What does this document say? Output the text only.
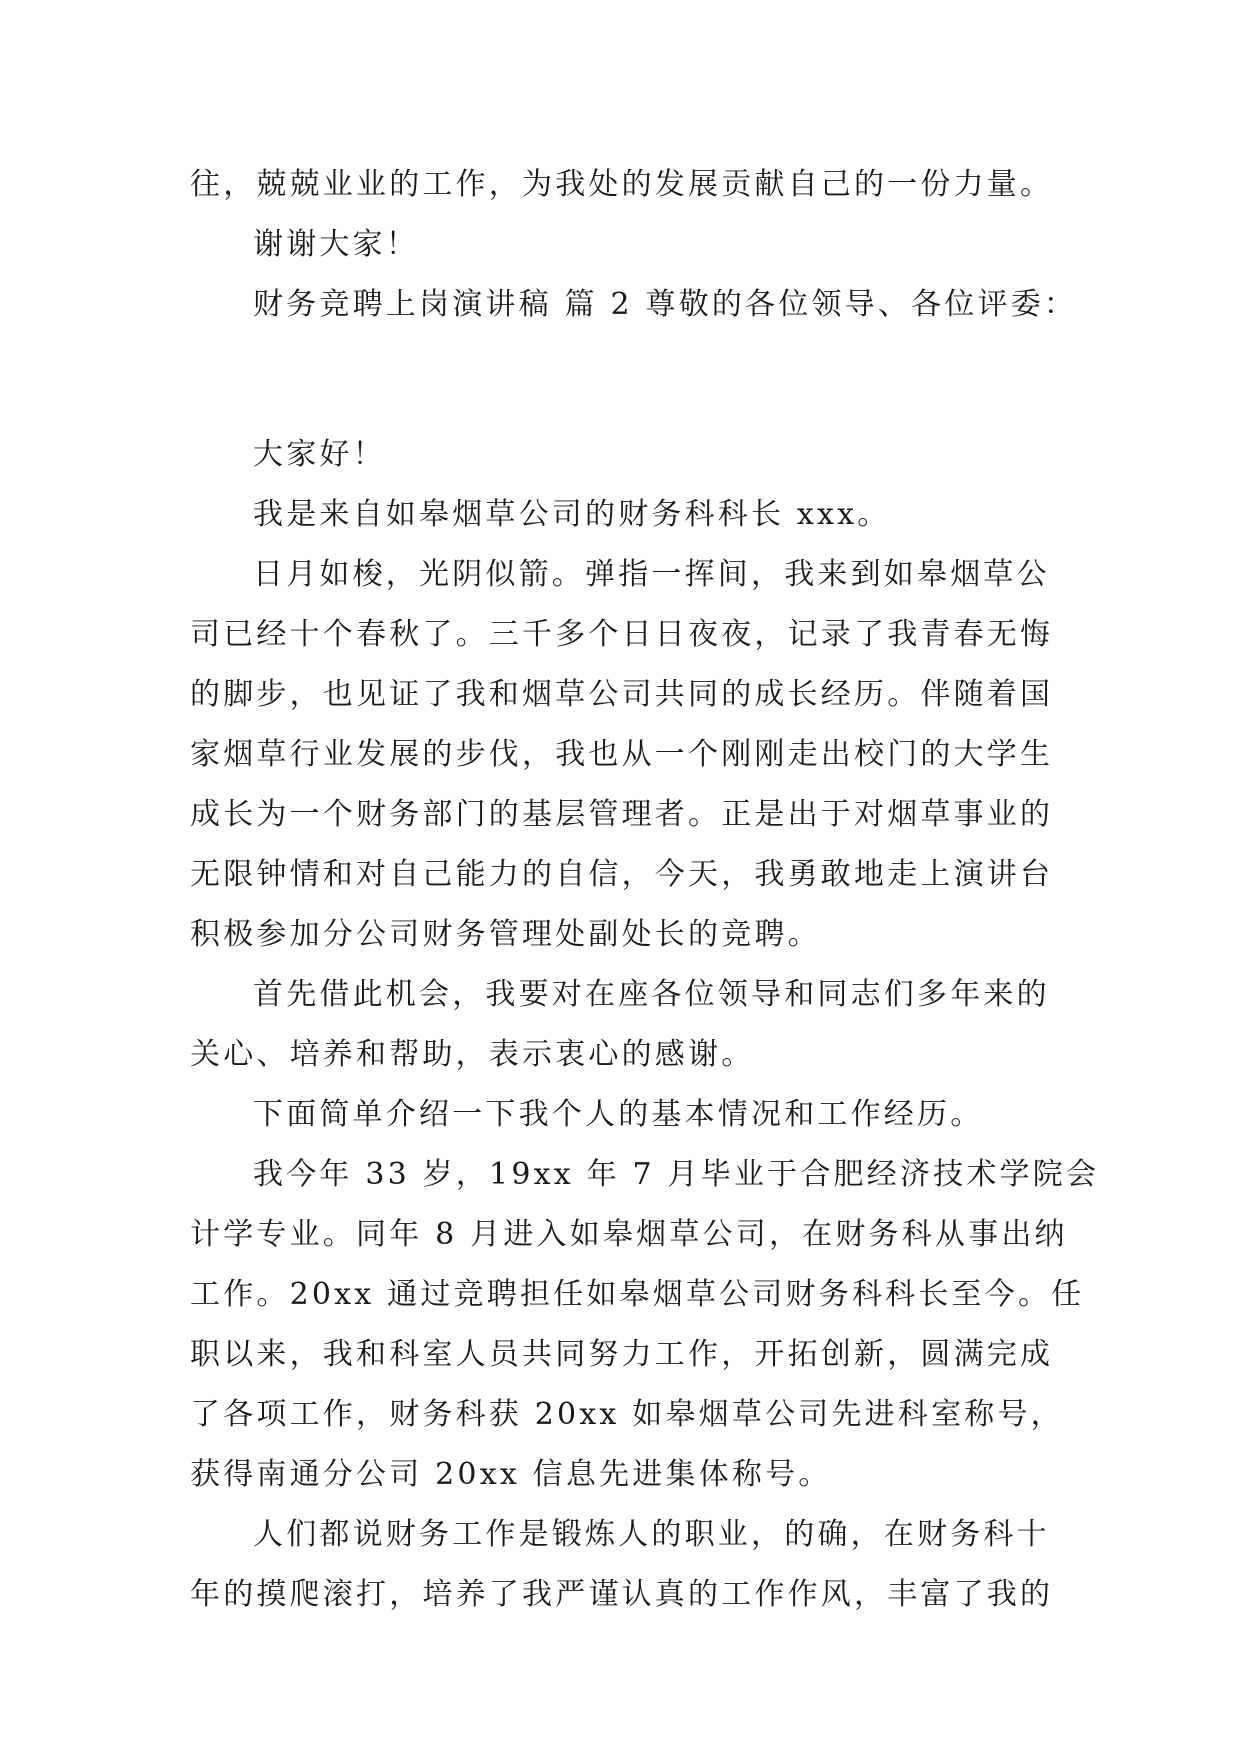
往，兢兢业业的工作，为我处的发展贡献自己的一份力量。
谢谢大家！
财务竞聘上岗演讲稿 篇 2 尊敬的各位领导、各位评委：
大家好！
我是来自如皋烟草公司的财务科科长 xxx。
日月如梭，光阴似箭。弹指一挥间，我来到如皋烟草公
司已经十个春秋了。三千多个日日夜夜，记录了我青春无悔
的脚步，也见证了我和烟草公司共同的成长经历。伴随着国
家烟草行业发展的步伐，我也从一个刚刚走出校门的大学生
成长为一个财务部门的基层管理者。正是出于对烟草事业的
无限钟情和对自己能力的自信，今天，我勇敢地走上演讲台
积极参加分公司财务管理处副处长的竞聘。
首先借此机会，我要对在座各位领导和同志们多年来的
关心、培养和帮助，表示衷心的感谢。
下面简单介绍一下我个人的基本情况和工作经历。
我今年 33 岁，19xx 年 7 月毕业于合肥经济技术学院会
计学专业。同年 8 月进入如皋烟草公司，在财务科从事出纳
工作。20xx 通过竞聘担任如皋烟草公司财务科科长至今。任
职以来，我和科室人员共同努力工作，开拓创新，圆满完成
了各项工作，财务科获 20xx 如皋烟草公司先进科室称号，
获得南通分公司 20xx 信息先进集体称号。
人们都说财务工作是锻炼人的职业，的确，在财务科十
年的摸爬滚打，培养了我严谨认真的工作作风，丰富了我的
